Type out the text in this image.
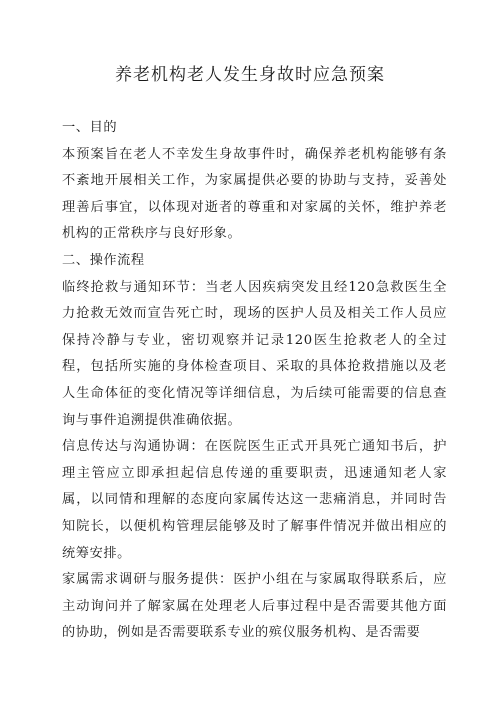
养老机构老人发生身故时应急预案
一、目的

本预案旨在老人不幸发生身故事件时，确保养老机构能够有条不紊地开展相关工作，为家属提供必要的协助与支持，妥善处理善后事宜，以体现对逝者的尊重和对家属的关怀，维护养老机构的正常秩序与良好形象。

二、操作流程

临终抢救与通知环节：当老人因疾病突发且经120急救医生全力抢救无效而宣告死亡时，现场的医护人员及相关工作人员应保持冷静与专业，密切观察并记录120医生抢救老人的全过程，包括所实施的身体检查项目、采取的具体抢救措施以及老人生命体征的变化情况等详细信息，为后续可能需要的信息查询与事件追溯提供准确依据。

信息传达与沟通协调：在医院医生正式开具死亡通知书后，护理主管应立即承担起信息传递的重要职责，迅速通知老人家属，以同情和理解的态度向家属传达这一悲痛消息，并同时告知院长，以便机构管理层能够及时了解事件情况并做出相应的统筹安排。

家属需求调研与服务提供：医护小组在与家属取得联系后，应主动询问并了解家属在处理老人后事过程中是否需要其他方面的协助，例如是否需要联系专业的殡仪服务机构、是否需要
